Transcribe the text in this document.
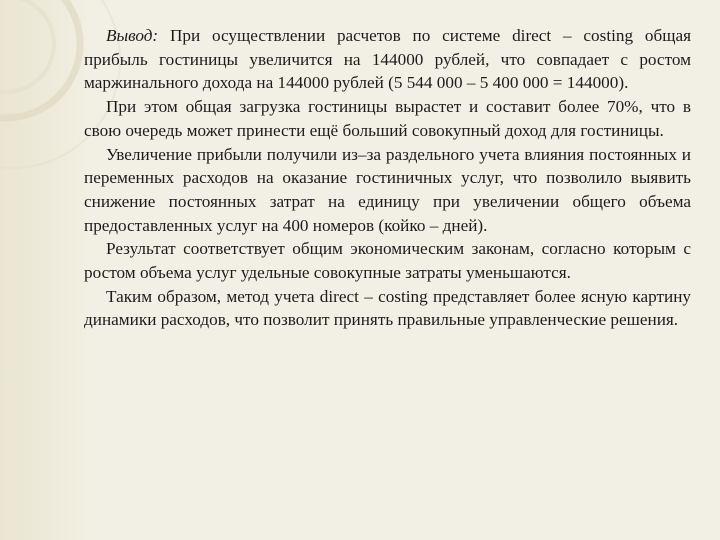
Вывод: При осуществлении расчетов по системе direct – costing общая прибыль гостиницы увеличится на 144000 рублей, что совпадает с ростом маржинального дохода на 144000 рублей (5 544 000 – 5 400 000 = 144000).

При этом общая загрузка гостиницы вырастет и составит более 70%, что в свою очередь может принести ещё больший совокупный доход для гостиницы.

Увеличение прибыли получили из–за раздельного учета влияния постоянных и переменных расходов на оказание гостиничных услуг, что позволило выявить снижение постоянных затрат на единицу при увеличении общего объема предоставленных услуг на 400 номеров (койко – дней).

Результат соответствует общим экономическим законам, согласно которым с ростом объема услуг удельные совокупные затраты уменьшаются.

Таким образом, метод учета direct – costing представляет более ясную картину динамики расходов, что позволит принять правильные управленческие решения.
